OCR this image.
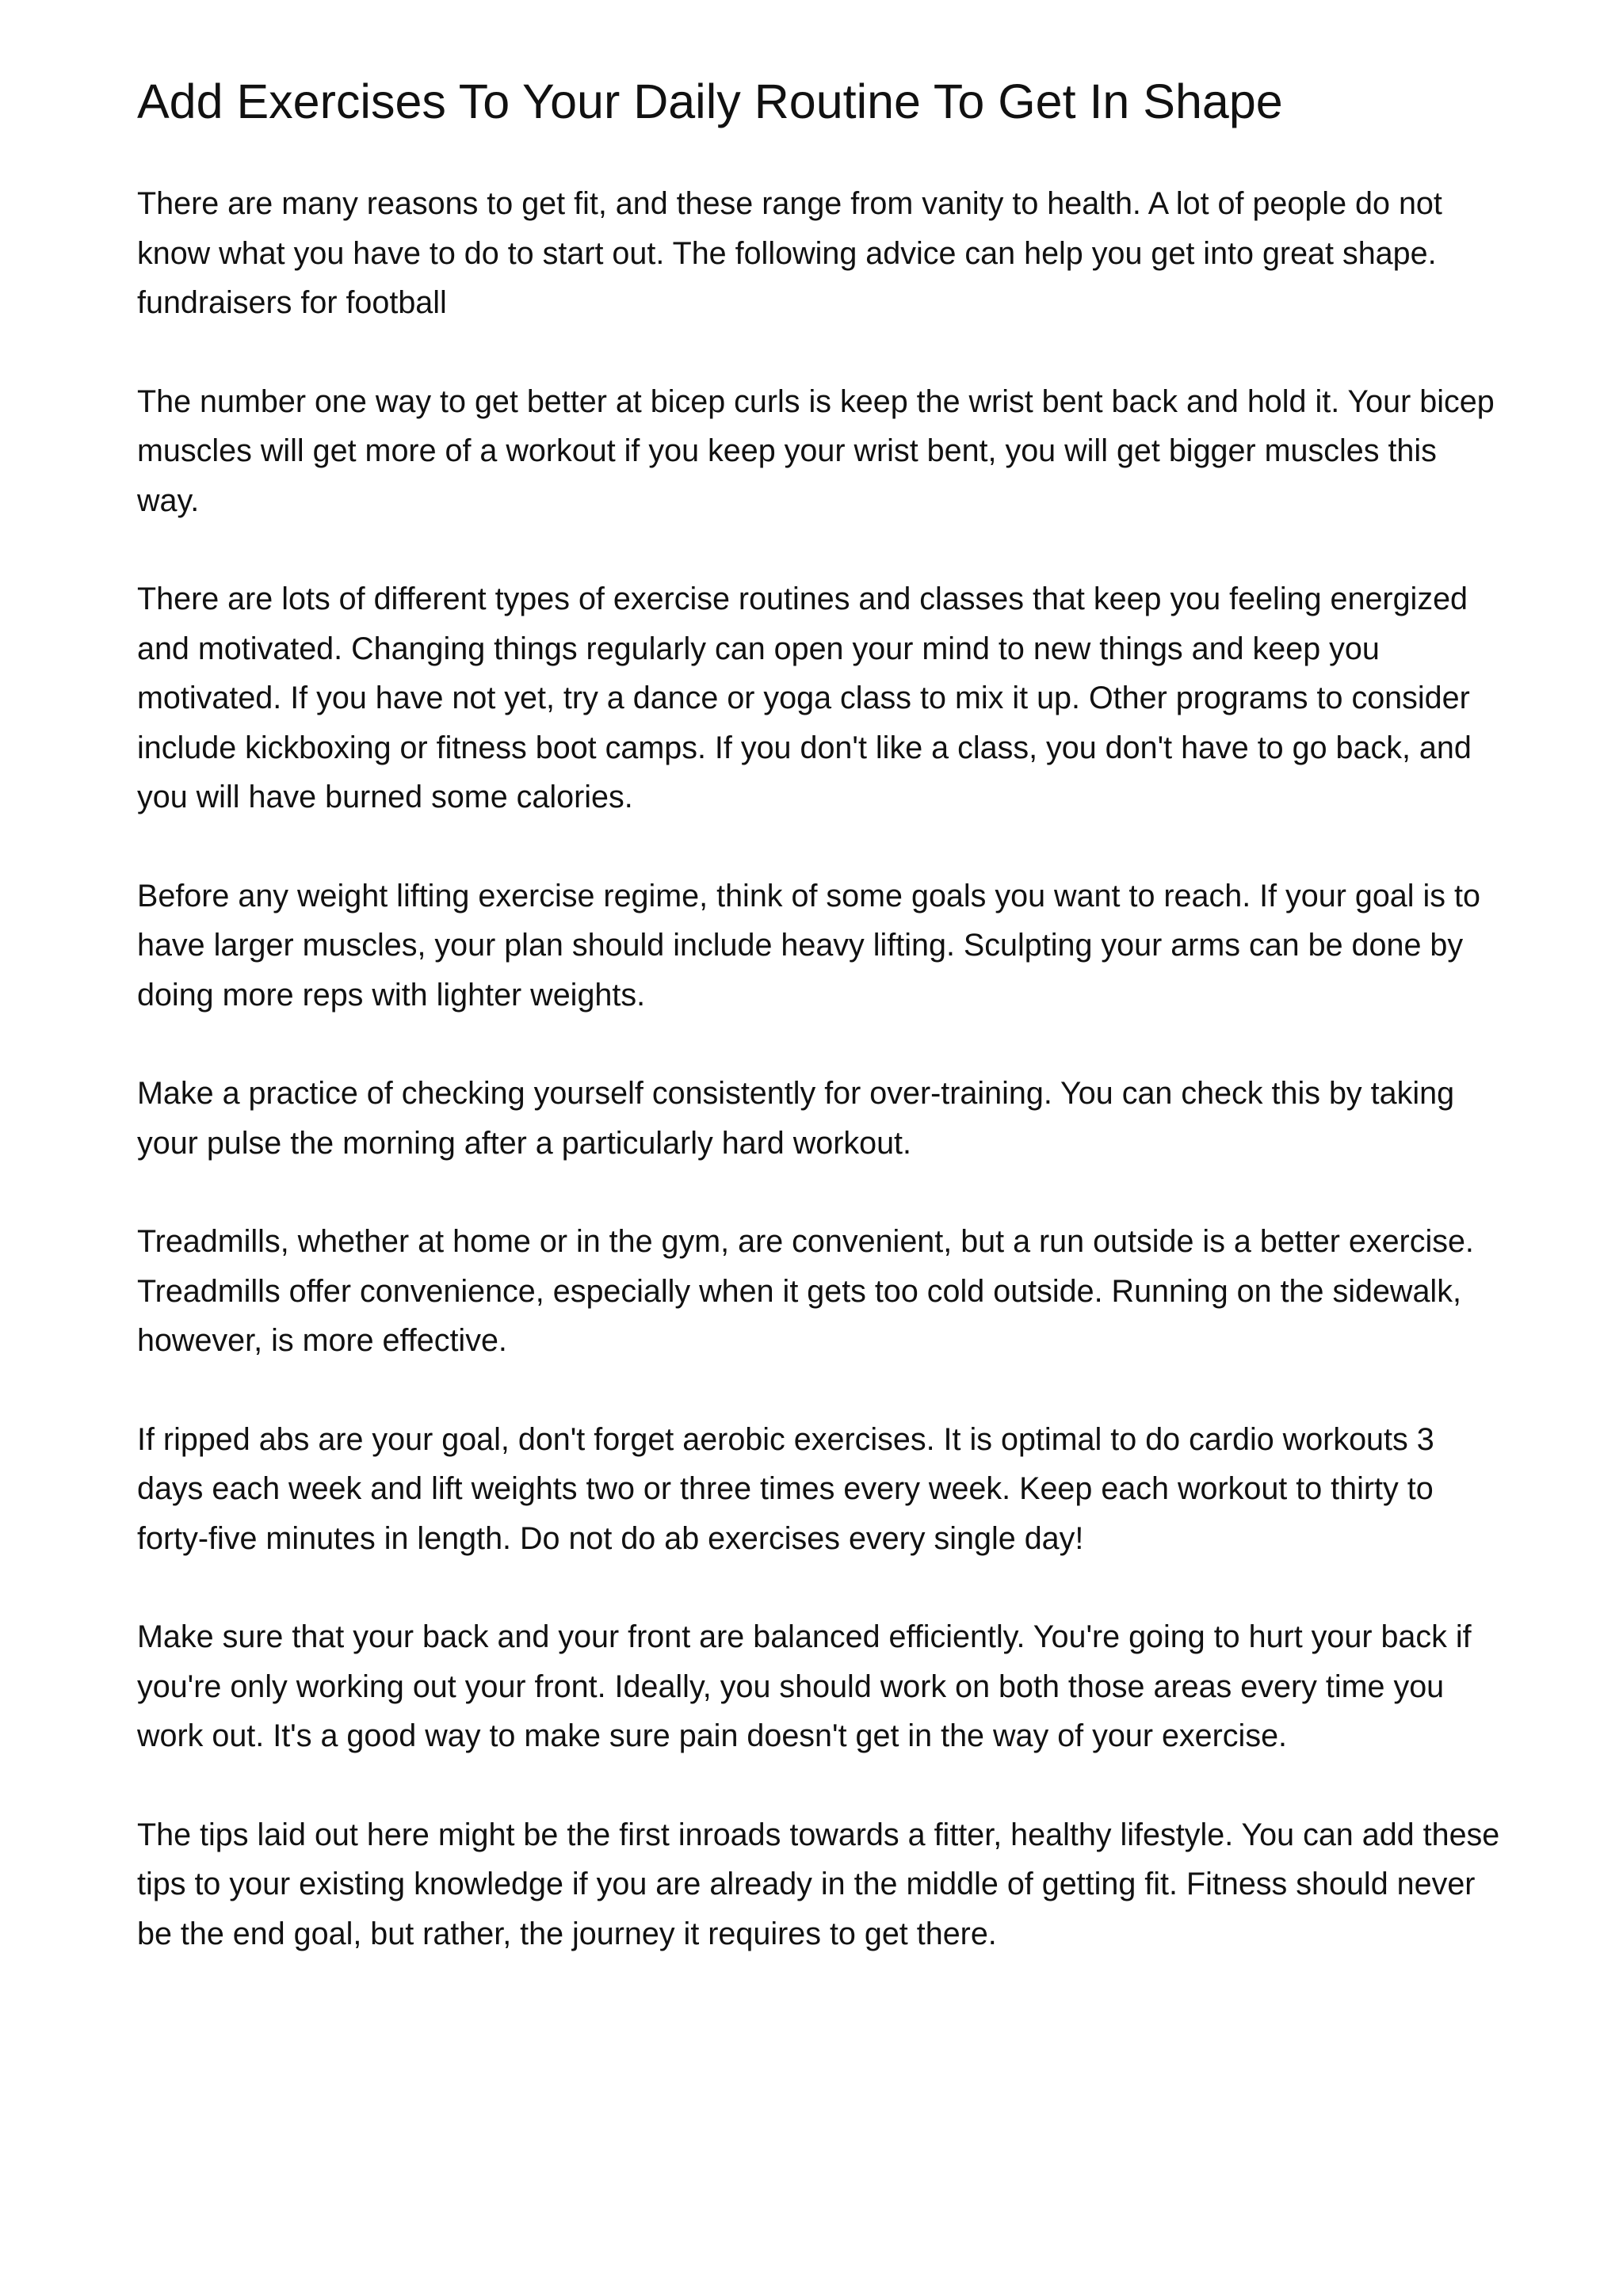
Add Exercises To Your Daily Routine To Get In Shape

There are many reasons to get fit, and these range from vanity to health. A lot of people do not know what you have to do to start out. The following advice can help you get into great shape. fundraisers for football

The number one way to get better at bicep curls is keep the wrist bent back and hold it. Your bicep muscles will get more of a workout if you keep your wrist bent, you will get bigger muscles this way.

There are lots of different types of exercise routines and classes that keep you feeling energized and motivated. Changing things regularly can open your mind to new things and keep you motivated. If you have not yet, try a dance or yoga class to mix it up. Other programs to consider include kickboxing or fitness boot camps. If you don't like a class, you don't have to go back, and you will have burned some calories.

Before any weight lifting exercise regime, think of some goals you want to reach. If your goal is to have larger muscles, your plan should include heavy lifting. Sculpting your arms can be done by doing more reps with lighter weights.

Make a practice of checking yourself consistently for over-training. You can check this by taking your pulse the morning after a particularly hard workout.

Treadmills, whether at home or in the gym, are convenient, but a run outside is a better exercise. Treadmills offer convenience, especially when it gets too cold outside. Running on the sidewalk, however, is more effective.

If ripped abs are your goal, don't forget aerobic exercises. It is optimal to do cardio workouts 3 days each week and lift weights two or three times every week. Keep each workout to thirty to forty-five minutes in length. Do not do ab exercises every single day!

Make sure that your back and your front are balanced efficiently. You're going to hurt your back if you're only working out your front. Ideally, you should work on both those areas every time you work out. It's a good way to make sure pain doesn't get in the way of your exercise.

The tips laid out here might be the first inroads towards a fitter, healthy lifestyle. You can add these tips to your existing knowledge if you are already in the middle of getting fit. Fitness should never be the end goal, but rather, the journey it requires to get there.
